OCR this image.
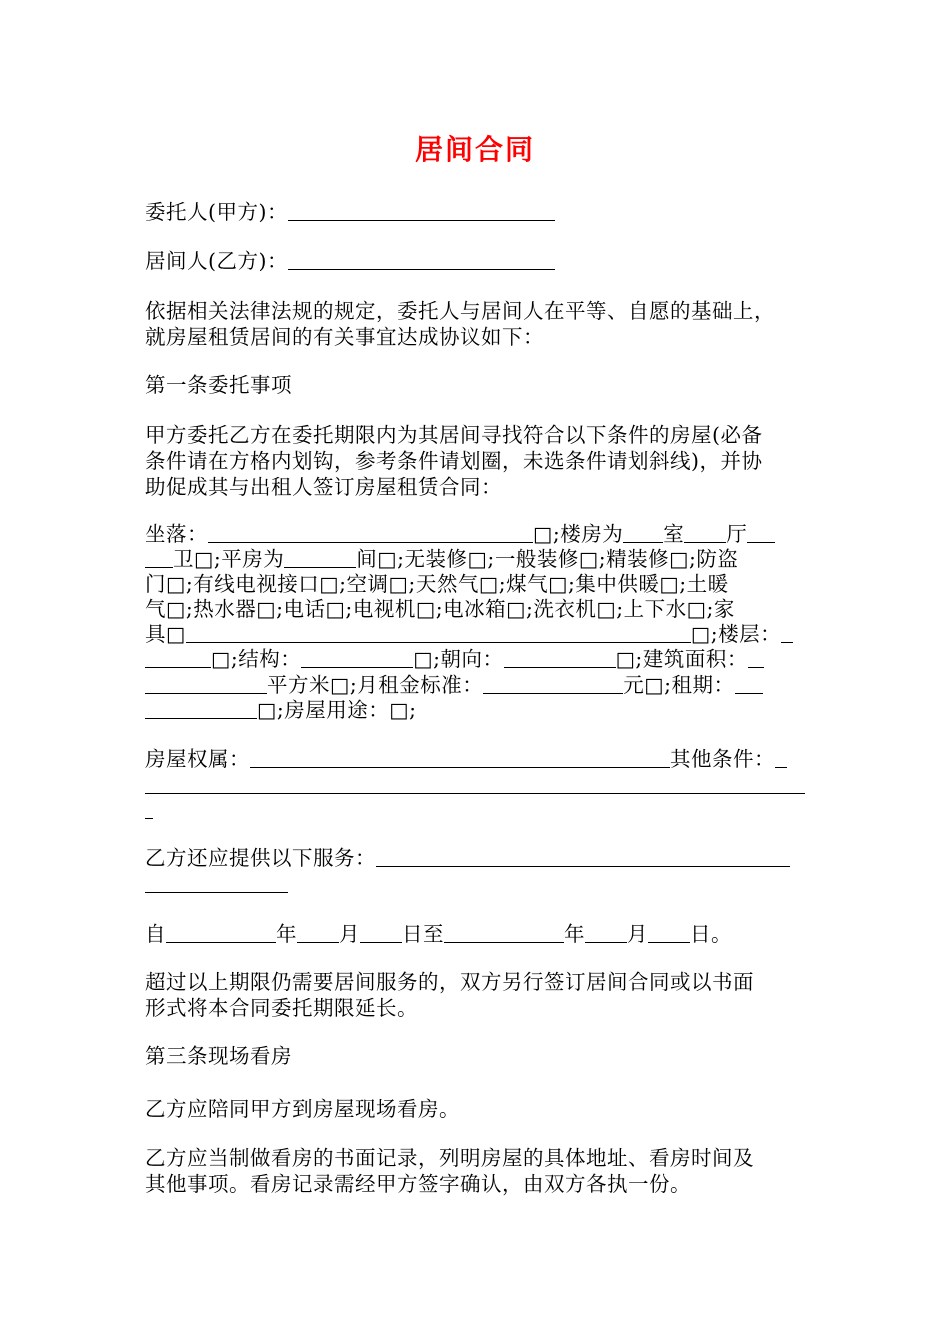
居间合同
委托人(甲方)：
居间人(乙方)：
依据相关法律法规的规定，委托人与居间人在平等、自愿的基础上，
就房屋租赁居间的有关事宜达成协议如下：
第一条委托事项
甲方委托乙方在委托期限内为其居间寻找符合以下条件的房屋(必备
条件请在方格内划钩，参考条件请划圈，未选条件请划斜线)，并协
助促成其与出租人签订房屋租赁合同：
坐落：	□;楼房为 室 厅
卫□;平房为	间□;无装修□;一般装修□;精装修□;防盗
门□;有线电视接口□;空调□;天然气□;煤气□;集中供暖□;土暖
气□;热水器□;电话□;电视机□;电冰箱□;洗衣机□;上下水□;家
具□	□;楼层：
□;结构：	□;朝向：	□;建筑面积：
平方米□;月租金标准：	元□;租期：
□;房屋用途：□;
房屋权属：	其他条件：
乙方还应提供以下服务：
自	年 月 日至	年 月 日。
超过以上期限仍需要居间服务的，双方另行签订居间合同或以书面
形式将本合同委托期限延长。
第三条现场看房
乙方应陪同甲方到房屋现场看房。
乙方应当制做看房的书面记录，列明房屋的具体地址、看房时间及
其他事项。看房记录需经甲方签字确认，由双方各执一份。
